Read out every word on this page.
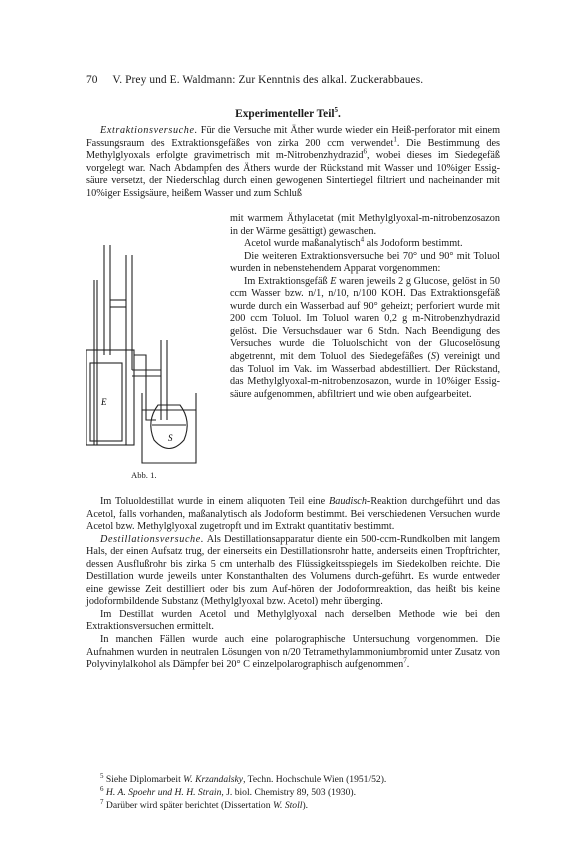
70 V. Prey und E. Waldmann: Zur Kenntnis des alkal. Zuckerabbaues.
Experimenteller Teil$^5$.

Extraktionsversuche. Für die Versuche mit Äther wurde wieder ein Heiß-perforator mit einem Fassungsraum des Extraktionsgefäßes von zirka 200 ccm verwendet$^1$. Die Bestimmung des Methylglyoxals erfolgte gravimetrisch mit m-Nitrobenzhydrazid$^6$, wobei dieses im Siedegefäß vorgelegt war. Nach Abdampfen des Äthers wurde der Rückstand mit Wasser und 10%iger Essig-säure versetzt, der Niederschlag durch einen gewogenen Sintertiegel filtriert und nacheinander mit 10%iger Essigsäure, heißem Wasser und zum Schluß

mit warmem Äthylacetat (mit Methylglyoxal-m-nitrobenzosazon in der Wärme gesättigt) gewaschen.

Acetol wurde maßanalytisch$^4$ als Jodoform bestimmt.

Die weiteren Extraktionsversuche bei 70° und 90° mit Toluol wurden in nebenstehendem Apparat vorgenommen:

Im Extraktionsgefäß E waren jeweils 2 g Glucose, gelöst in 50 ccm Wasser bzw. n/1, n/10, n/100 KOH. Das Extraktionsgefäß wurde durch ein Wasserbad auf 90° geheizt; perforiert wurde mit 200 ccm Toluol. Im Toluol waren 0,2 g m-Nitrobenzhydrazid gelöst. Die Versuchsdauer war 6 Stdn. Nach Beendigung des Versuches wurde die Toluolschicht von der Glucoselösung abgetrennt, mit dem Toluol des Siedegefäßes (S) vereinigt und das Toluol im Vak. im Wasserbad abdestilliert. Der Rückstand, das Methylglyoxal-m-nitrobenzosazon, wurde in 10%iger Essig-säure aufgenommen, abfiltriert und wie oben aufgearbeitet.

E
S
Abb. 1.

Im Toluoldestillat wurde in einem aliquoten Teil eine Baudisch-Reaktion durchgeführt und das Acetol, falls vorhanden, maßanalytisch als Jodoform bestimmt. Bei verschiedenen Versuchen wurde Acetol bzw. Methylglyoxal zugetropft und im Extrakt quantitativ bestimmt.

Destillationsversuche. Als Destillationsapparatur diente ein 500-ccm-Rundkolben mit langem Hals, der einen Aufsatz trug, der einerseits ein Destillationsrohr hatte, anderseits einen Tropftrichter, dessen Ausflußrohr bis zirka 5 cm unterhalb des Flüssigkeitsspiegels im Siedekolben reichte. Die Destillation wurde jeweils unter Konstanthalten des Volumens durch-geführt. Es wurde entweder eine gewisse Zeit destilliert oder bis zum Auf-hören der Jodoformreaktion, das heißt bis keine jodoformbildende Substanz (Methylglyoxal bzw. Acetol) mehr überging.

Im Destillat wurden Acetol und Methylglyoxal nach derselben Methode wie bei den Extraktionsversuchen ermittelt.

In manchen Fällen wurde auch eine polarographische Untersuchung vorgenommen. Die Aufnahmen wurden in neutralen Lösungen von n/20 Tetramethylammoniumbromid unter Zusatz von Polyvinylalkohol als Dämpfer bei 20° C einzelpolarographisch aufgenommen$^7$.

$^5$ Siehe Diplomarbeit W. Krzandalsky, Techn. Hochschule Wien (1951/52).

$^6$ H. A. Spoehr und H. H. Strain, J. biol. Chemistry 89, 503 (1930).

$^7$ Darüber wird später berichtet (Dissertation W. Stoll).
